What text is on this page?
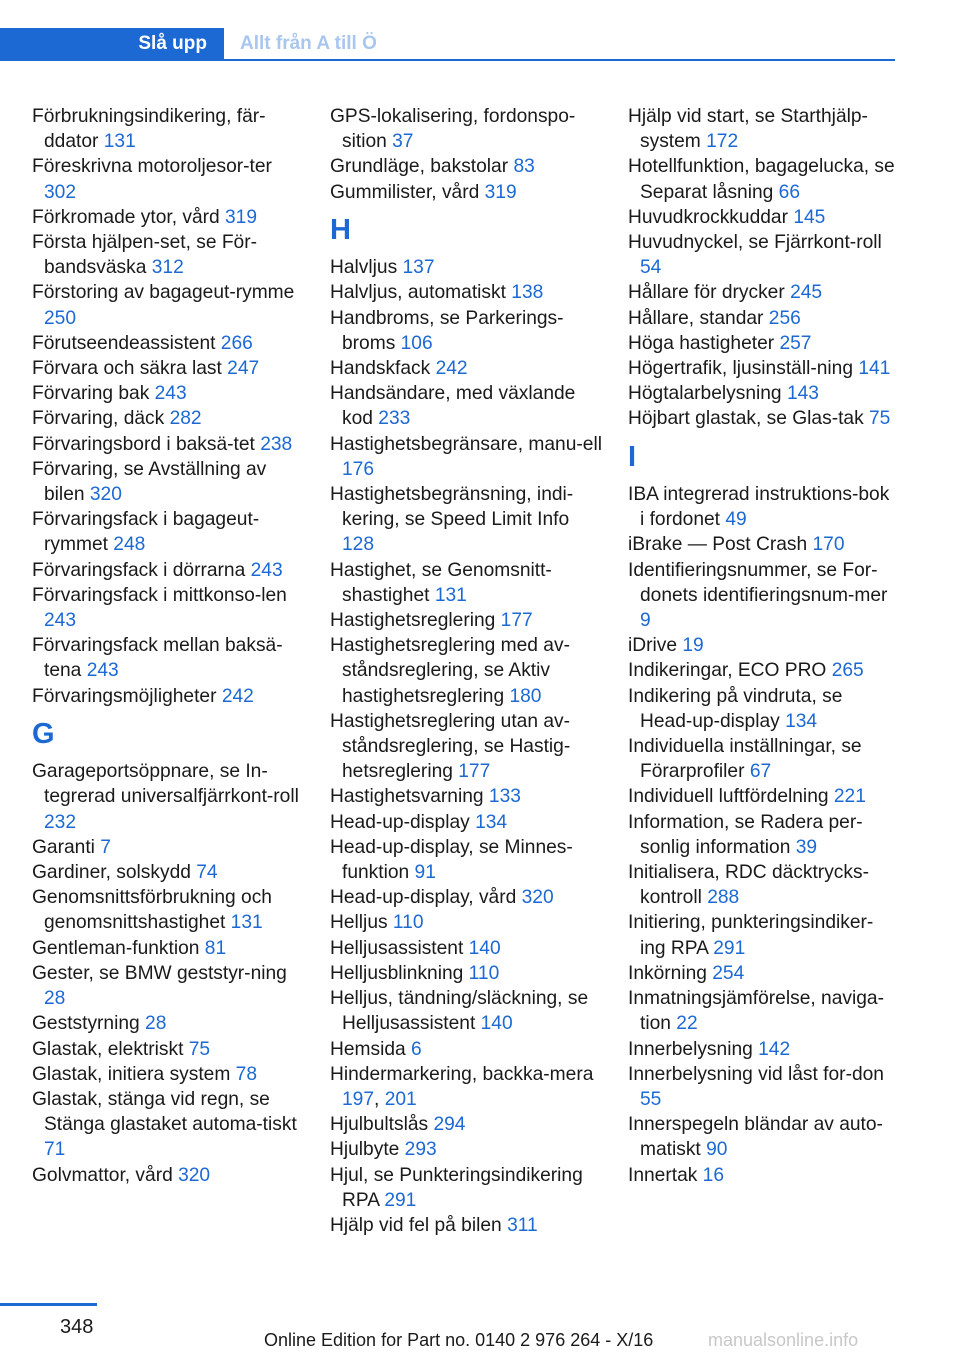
Slå upp	Allt från A till Ö
Förbrukningsindikering, fär-ddator 131
Föreskrivna motoroljesor-ter 302
Förkromade ytor, vård 319
Första hjälpen-set, se För-bandsväska 312
Förstoring av bagageut-rymme 250
Förutseendeassistent 266
Förvara och säkra last 247
Förvaring bak 243
Förvaring, däck 282
Förvaringsbord i baksä-tet 238
Förvaring, se Avställning av bilen 320
Förvaringsfack i bagageut-rymmet 248
Förvaringsfack i dörrarna 243
Förvaringsfack i mittkonso-len 243
Förvaringsfack mellan baksä-tena 243
Förvaringsmöjligheter 242
G
Garageportsöppnare, se In-tegrerad universalfjärrkont-roll 232
Garanti 7
Gardiner, solskydd 74
Genomsnittsförbrukning och genomsnittshastighet 131
Gentleman-funktion 81
Gester, se BMW geststyr-ning 28
Geststyrning 28
Glastak, elektriskt 75
Glastak, initiera system 78
Glastak, stänga vid regn, se Stänga glastaket automa-tiskt 71
Golvmattor, vård 320
GPS-lokalisering, fordonspo-sition 37
Grundläge, bakstolar 83
Gummilister, vård 319
H
Halvljus 137
Halvljus, automatiskt 138
Handbroms, se Parkerings-broms 106
Handskfack 242
Handsändare, med växlande kod 233
Hastighetsbegränsare, manu-ell 176
Hastighetsbegränsning, indi-kering, se Speed Limit Info 128
Hastighet, se Genomsnitt-shastighet 131
Hastighetsreglering 177
Hastighetsreglering med av-ståndsreglering, se Aktiv hastighetsreglering 180
Hastighetsreglering utan av-ståndsreglering, se Hastig-hetsreglering 177
Hastighetsvarning 133
Head-up-display 134
Head-up-display, se Minnes-funktion 91
Head-up-display, vård 320
Helljus 110
Helljusassistent 140
Helljusblinkning 110
Helljus, tändning/släckning, se Helljusassistent 140
Hemsida 6
Hindermarkering, backka-mera 197, 201
Hjulbultslås 294
Hjulbyte 293
Hjul, se Punkteringsindikering RPA 291
Hjälp vid fel på bilen 311
Hjälp vid start, se Starthjälp-system 172
Hotellfunktion, bagagelucka, se Separat låsning 66
Huvudkrockkuddar 145
Huvudnyckel, se Fjärrkont-roll 54
Hållare för drycker 245
Hållare, standar 256
Höga hastigheter 257
Högertrafik, ljusinställ-ning 141
Högtalarbelysning 143
Höjbart glastak, se Glas-tak 75
I
IBA integrerad instruktions-bok i fordonet 49
iBrake — Post Crash 170
Identifieringsnummer, se For-donets identifieringsnum-mer 9
iDrive 19
Indikeringar, ECO PRO 265
Indikering på vindruta, se Head-up-display 134
Individuella inställningar, se Förarprofiler 67
Individuell luftfördelning 221
Information, se Radera per-sonlig information 39
Initialisera, RDC däcktrycks-kontroll 288
Initiering, punkteringsindiker-ing RPA 291
Inkörning 254
Inmatningsjämförelse, naviga-tion 22
Innerbelysning 142
Innerbelysning vid låst for-don 55
Innerspegeln bländar av auto-matiskt 90
Innertak 16
348
Online Edition for Part no. 0140 2 976 264 - X/16	manualsonline.info
